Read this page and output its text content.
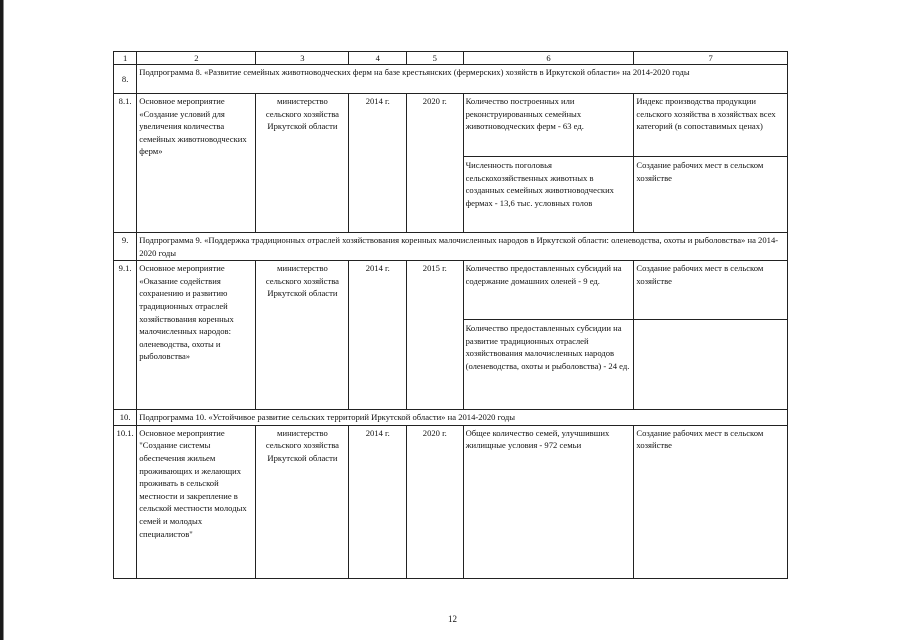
1	2	3	4	5	6	7
8.	Подпрограмма 8. «Развитие семейных животноводческих ферм на базе крестьянских (фермерских) хозяйств в Иркутской области» на 2014-2020 годы					
8.1.	Основное мероприятие «Создание условий для увеличения количества семейных животноводческих ферм»	министерство сельского хозяйства Иркутской области	2014 г.	2020 г.	Количество построенных или реконструированных семейных животноводческих ферм - 63 ед.	Индекс производства продукции сельского хозяйства в хозяйствах всех категорий (в сопоставимых ценах)
					Численность поголовья сельскохозяйственных животных в созданных семейных животноводческих фермах - 13,6 тыс. условных голов	Создание рабочих мест в сельском хозяйстве
9.	Подпрограмма 9. «Поддержка традиционных отраслей хозяйствования коренных малочисленных народов в Иркутской области: оленеводства, охоты и рыболовства» на 2014-2020 годы					
9.1.	Основное мероприятие «Оказание содействия сохранению и развитию традиционных отраслей хозяйствования коренных малочисленных народов: оленеводства, охоты и рыболовства»	министерство сельского хозяйства Иркутской области	2014 г.	2015 г.	Количество предоставленных субсидий на содержание домашних оленей - 9 ед.	Создание рабочих мест в сельском хозяйстве
					Количество предоставленных субсидии на развитие традиционных отраслей хозяйствования малочисленных народов (оленеводства, охоты и рыболовства) - 24 ед.	
10.	Подпрограмма 10. «Устойчивое развитие сельских территорий Иркутской области» на 2014-2020 годы					
10.1.	Основное мероприятие "Создание системы обеспечения жильем проживающих и желающих проживать в сельской местности и закрепление в сельской местности молодых семей и молодых специалистов"	министерство сельского хозяйства Иркутской области	2014 г.	2020 г.	Общее количество семей, улучшивших жилищные условия - 972 семьи	Создание рабочих мест в сельском хозяйстве
12
